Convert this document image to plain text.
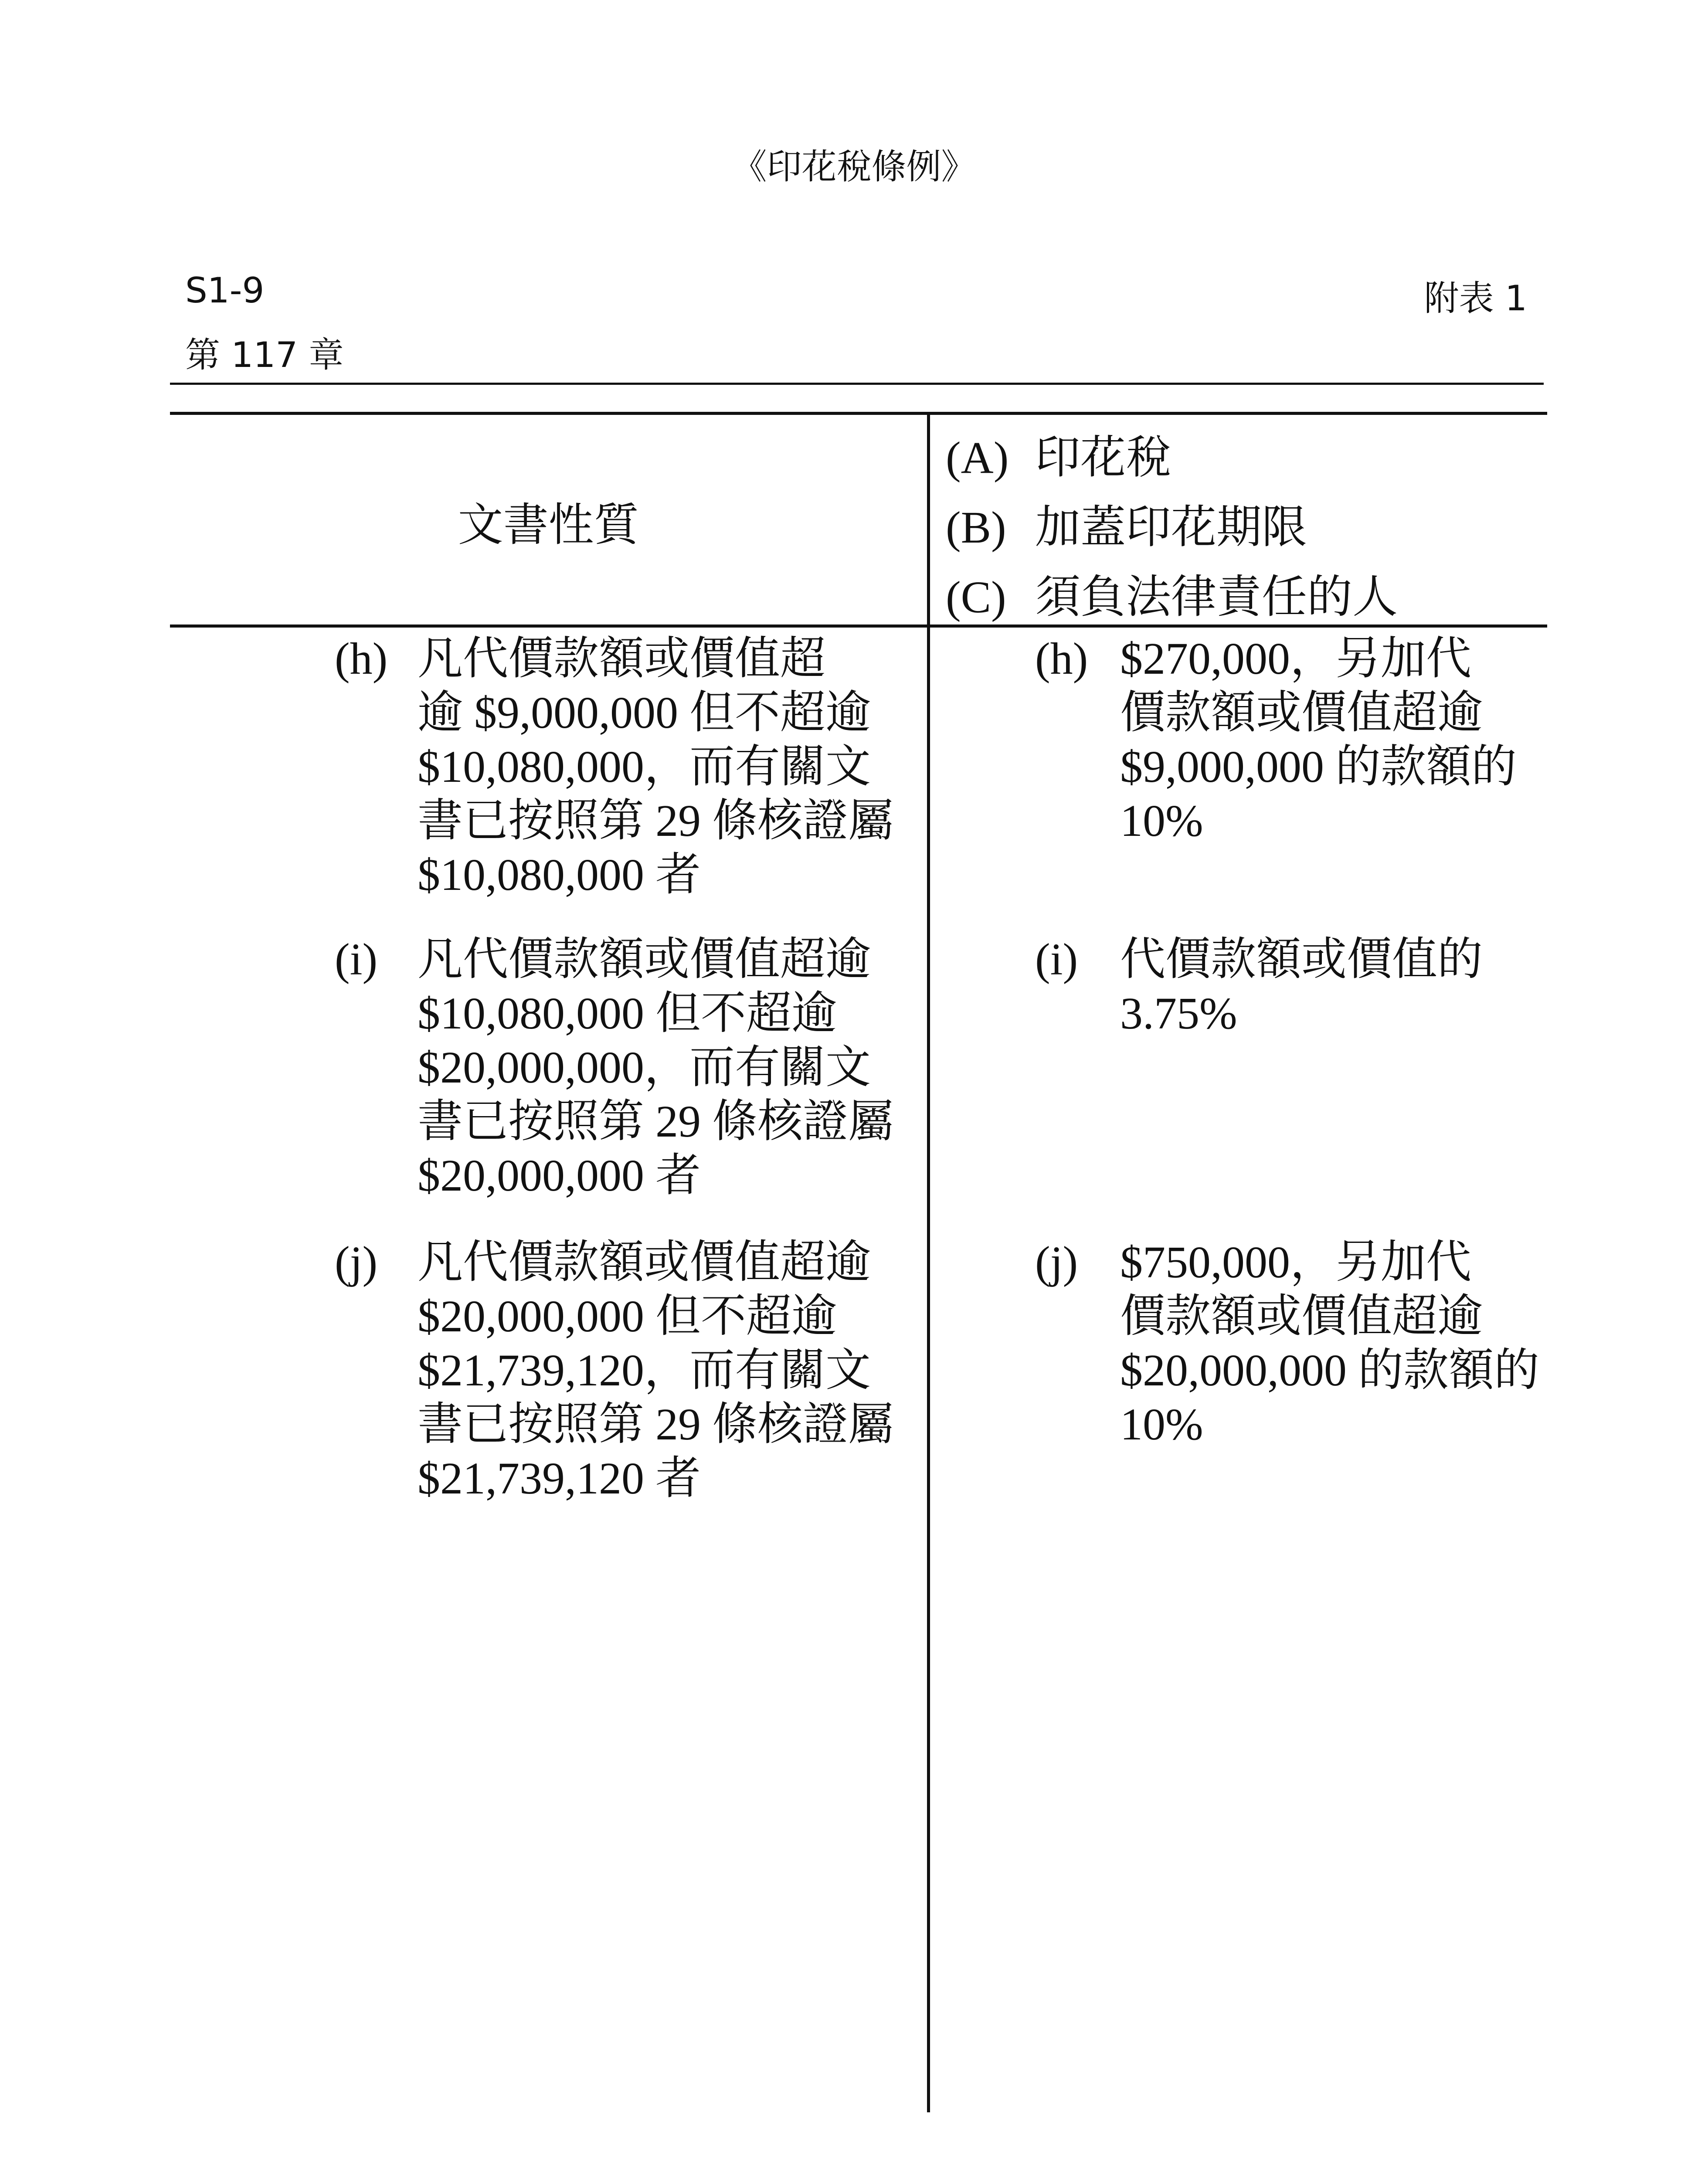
《印花稅條例》
S1-9	附表 1
第 117 章
文書性質
(A) 印花稅
(B) 加蓋印花期限
(C) 須負法律責任的人
(h) 凡代價款額或價值超
逾 $9,000,000 但不超逾
$10,080,000，而有關文
書已按照第 29 條核證屬
$10,080,000 者
(h) $270,000，另加代
價款額或價值超逾
$9,000,000 的款額的
10%
(i) 凡代價款額或價值超逾
$10,080,000 但不超逾
$20,000,000，而有關文
書已按照第 29 條核證屬
$20,000,000 者
(i) 代價款額或價值的
3.75%
(j) 凡代價款額或價值超逾
$20,000,000 但不超逾
$21,739,120，而有關文
書已按照第 29 條核證屬
$21,739,120 者
(j) $750,000，另加代
價款額或價值超逾
$20,000,000 的款額的
10%
